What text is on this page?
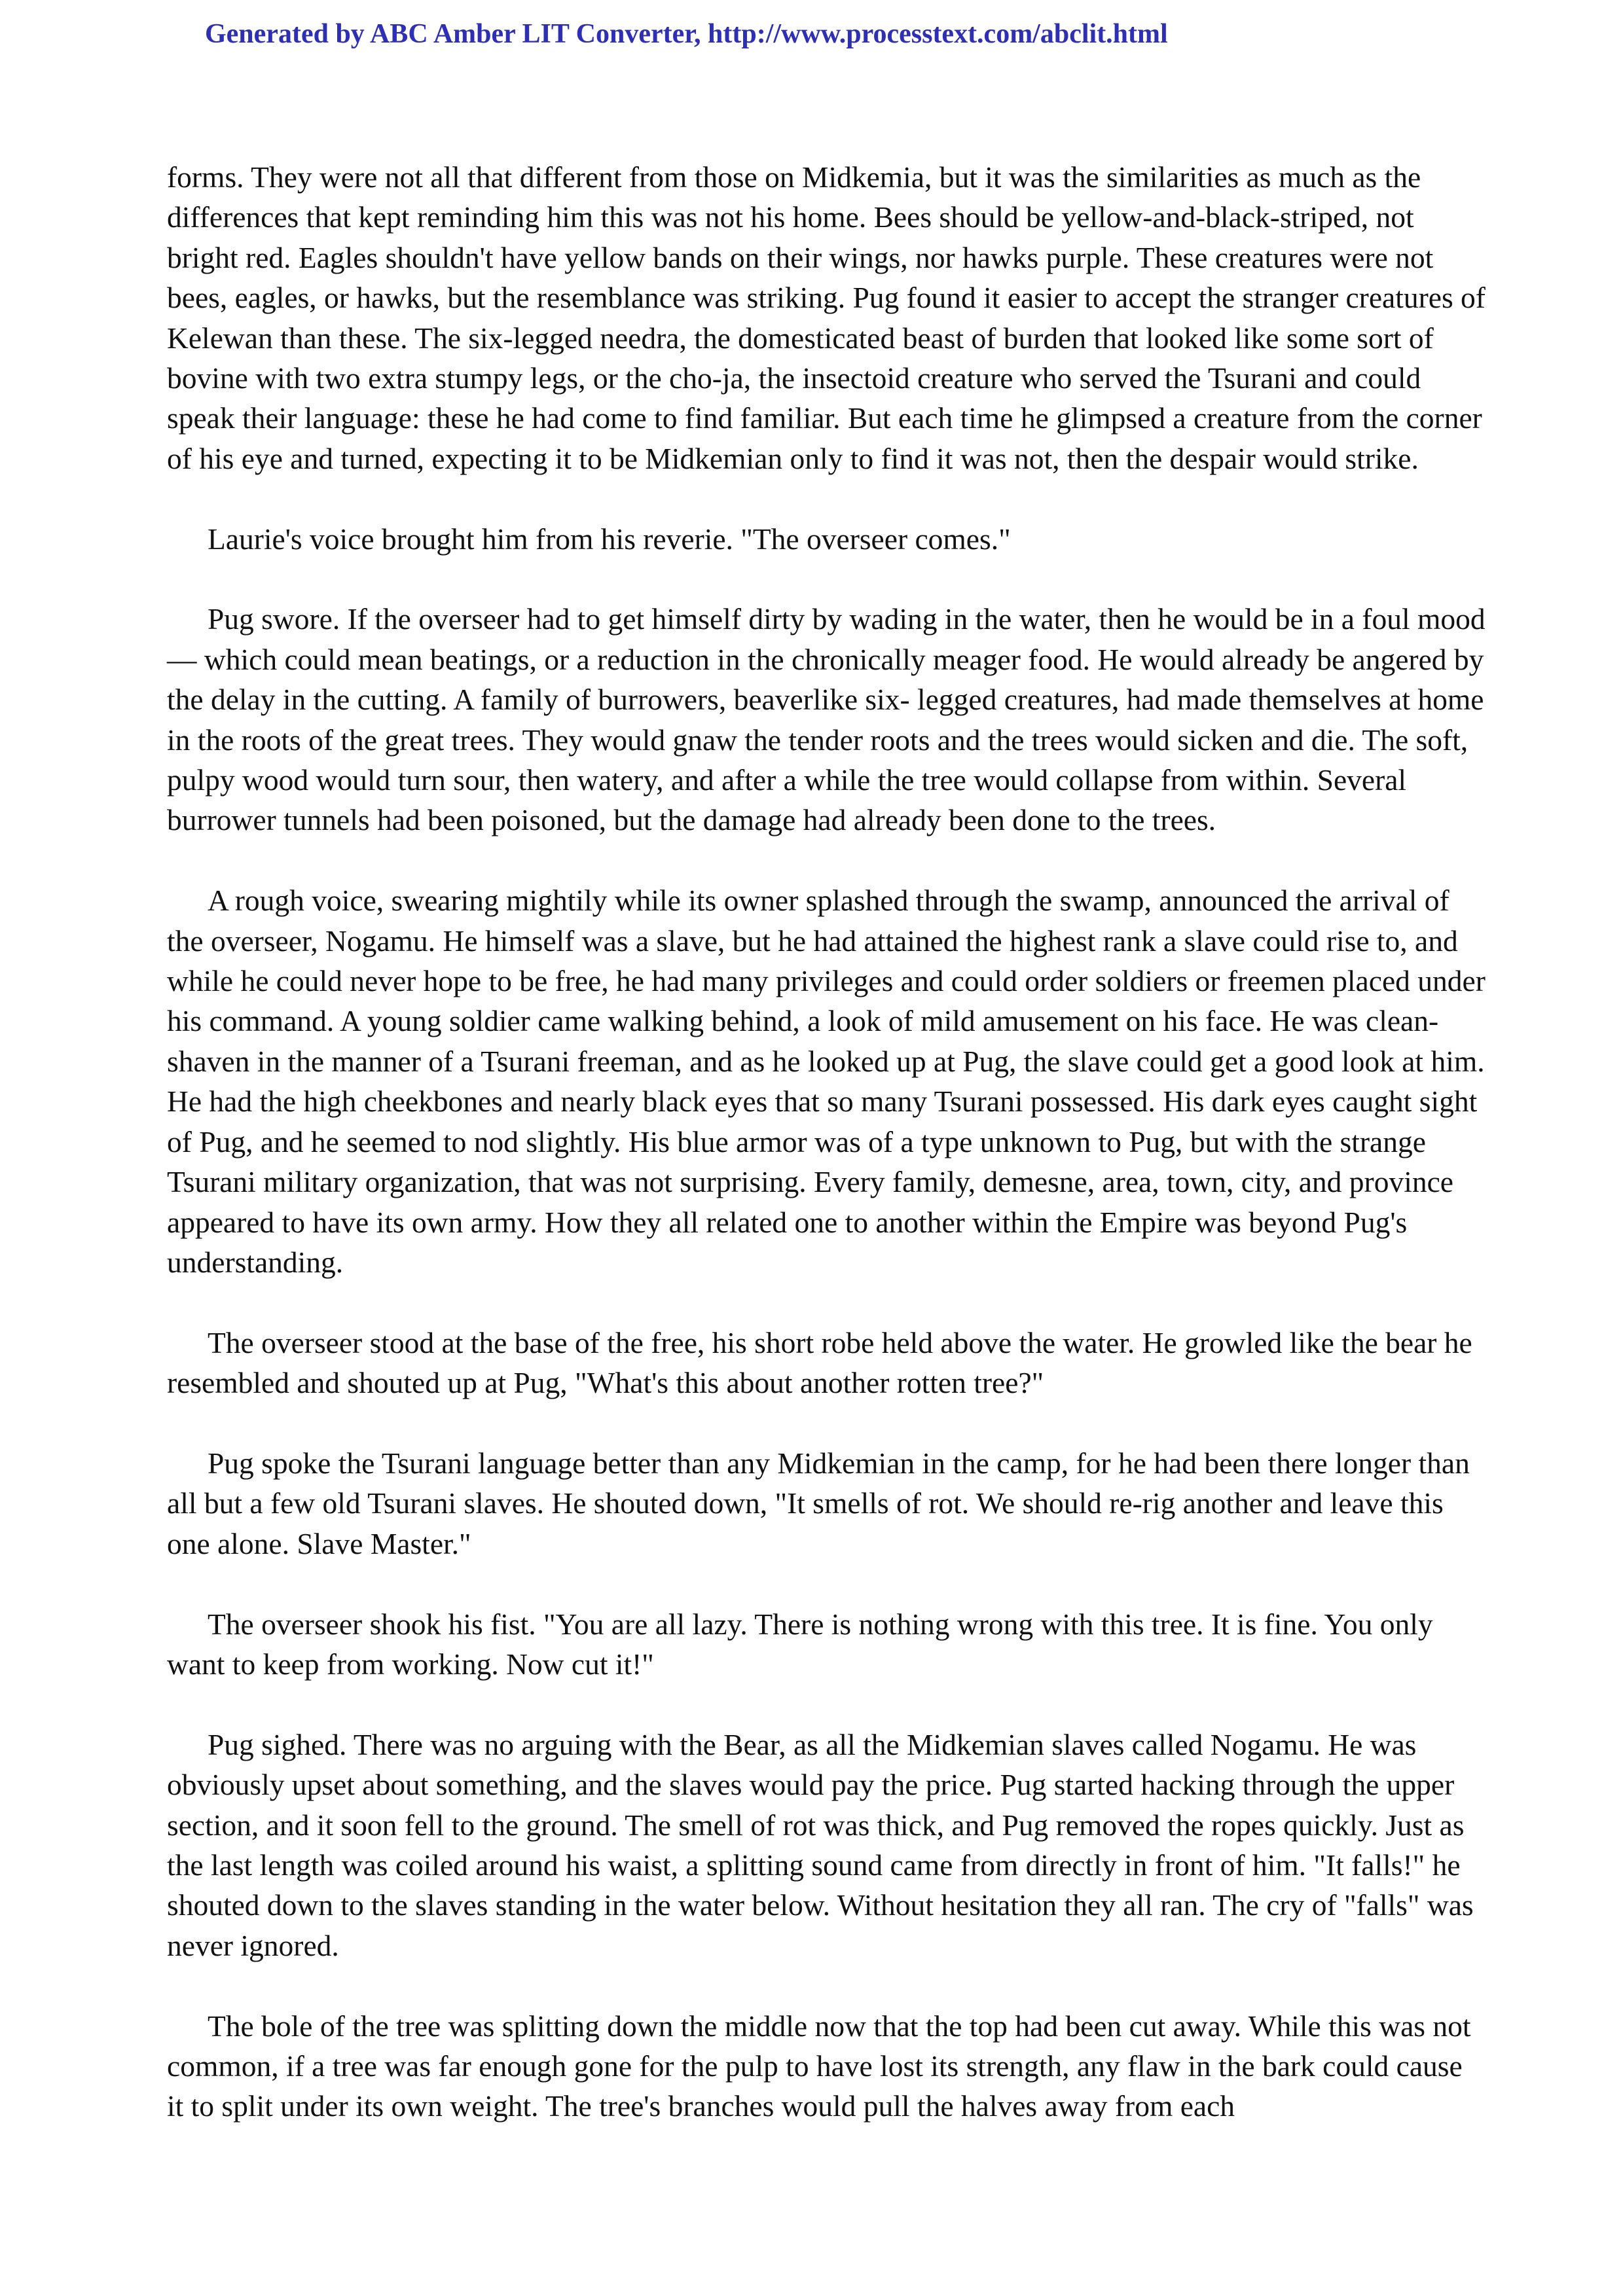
Generated by ABC Amber LIT Converter, http://www.processtext.com/abclit.html

forms. They were not all that different from those on Midkemia, but it was the similarities as much as the differences that kept reminding him this was not his home. Bees should be yellow-and-black-striped, not bright red. Eagles shouldn't have yellow bands on their wings, nor hawks purple. These creatures were not bees, eagles, or hawks, but the resemblance was striking. Pug found it easier to accept the stranger creatures of Kelewan than these. The six-legged needra, the domesticated beast of burden that looked like some sort of bovine with two extra stumpy legs, or the cho-ja, the insectoid creature who served the Tsurani and could speak their language: these he had come to find familiar. But each time he glimpsed a creature from the corner of his eye and turned, expecting it to be Midkemian only to find it was not, then the despair would strike.

Laurie's voice brought him from his reverie. "The overseer comes."

Pug swore. If the overseer had to get himself dirty by wading in the water, then he would be in a foul mood— which could mean beatings, or a reduction in the chronically meager food. He would already be angered by the delay in the cutting. A family of burrowers, beaverlike six- legged creatures, had made themselves at home in the roots of the great trees. They would gnaw the tender roots and the trees would sicken and die. The soft, pulpy wood would turn sour, then watery, and after a while the tree would collapse from within. Several burrower tunnels had been poisoned, but the damage had already been done to the trees.

A rough voice, swearing mightily while its owner splashed through the swamp, announced the arrival of the overseer, Nogamu. He himself was a slave, but he had attained the highest rank a slave could rise to, and while he could never hope to be free, he had many privileges and could order soldiers or freemen placed under his command. A young soldier came walking behind, a look of mild amusement on his face. He was clean-shaven in the manner of a Tsurani freeman, and as he looked up at Pug, the slave could get a good look at him. He had the high cheekbones and nearly black eyes that so many Tsurani possessed. His dark eyes caught sight of Pug, and he seemed to nod slightly. His blue armor was of a type unknown to Pug, but with the strange Tsurani military organization, that was not surprising. Every family, demesne, area, town, city, and province appeared to have its own army. How they all related one to another within the Empire was beyond Pug's understanding.

The overseer stood at the base of the free, his short robe held above the water. He growled like the bear he resembled and shouted up at Pug, "What's this about another rotten tree?"

Pug spoke the Tsurani language better than any Midkemian in the camp, for he had been there longer than all but a few old Tsurani slaves. He shouted down, "It smells of rot. We should re-rig another and leave this one alone. Slave Master."

The overseer shook his fist. "You are all lazy. There is nothing wrong with this tree. It is fine. You only want to keep from working. Now cut it!"

Pug sighed. There was no arguing with the Bear, as all the Midkemian slaves called Nogamu. He was obviously upset about something, and the slaves would pay the price. Pug started hacking through the upper section, and it soon fell to the ground. The smell of rot was thick, and Pug removed the ropes quickly. Just as the last length was coiled around his waist, a splitting sound came from directly in front of him. "It falls!" he shouted down to the slaves standing in the water below. Without hesitation they all ran. The cry of "falls" was never ignored.

The bole of the tree was splitting down the middle now that the top had been cut away. While this was not common, if a tree was far enough gone for the pulp to have lost its strength, any flaw in the bark could cause it to split under its own weight. The tree's branches would pull the halves away from each
